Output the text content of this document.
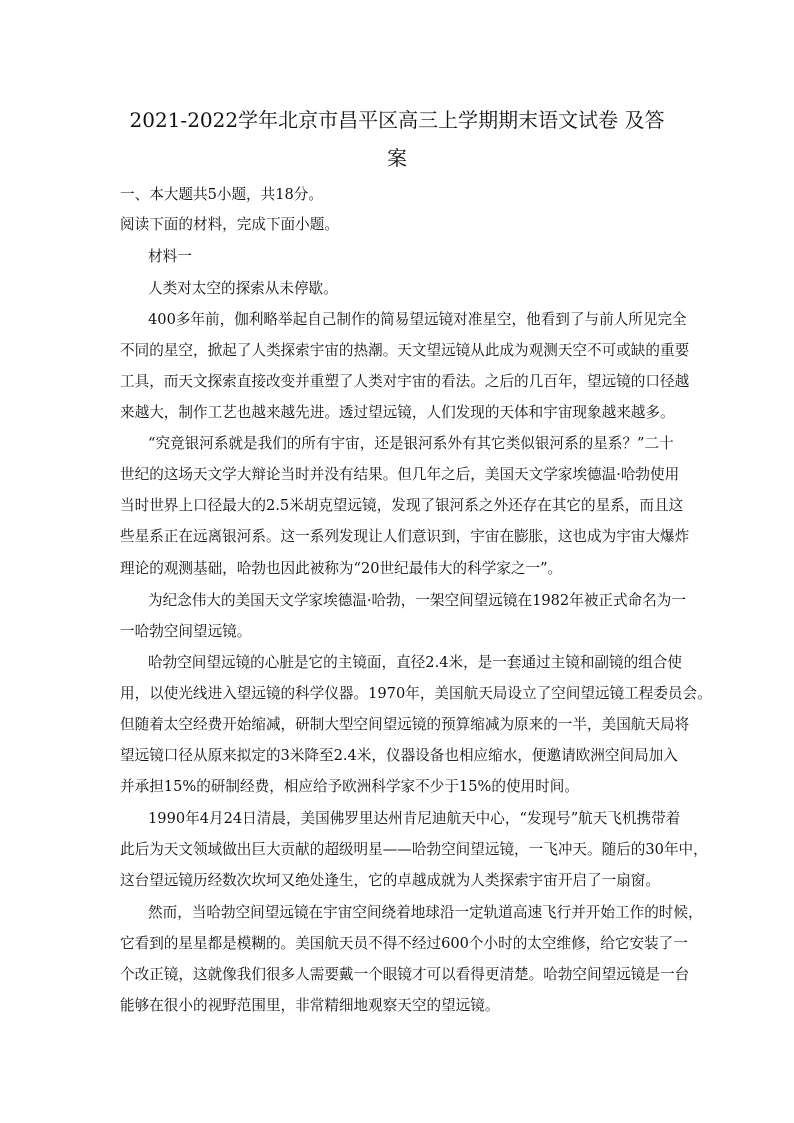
2021-2022学年北京市昌平区高三上学期期末语文试卷 及答
案
一、本大题共5小题，共18分。
阅读下面的材料，完成下面小题。
材料一
人类对太空的探索从未停歇。
400多年前，伽利略举起自己制作的简易望远镜对准星空，他看到了与前人所见完全
不同的星空，掀起了人类探索宇宙的热潮。天文望远镜从此成为观测天空不可或缺的重要
工具，而天文探索直接改变并重塑了人类对宇宙的看法。之后的几百年，望远镜的口径越
来越大，制作工艺也越来越先进。透过望远镜，人们发现的天体和宇宙现象越来越多。
“究竟银河系就是我们的所有宇宙，还是银河系外有其它类似银河系的星系？”二十
世纪的这场天文学大辩论当时并没有结果。但几年之后，美国天文学家埃德温·哈勃使用
当时世界上口径最大的2.5米胡克望远镜，发现了银河系之外还存在其它的星系，而且这
些星系正在远离银河系。这一系列发现让人们意识到，宇宙在膨胀，这也成为宇宙大爆炸
理论的观测基础，哈勃也因此被称为“20世纪最伟大的科学家之一”。
为纪念伟大的美国天文学家埃德温·哈勃，一架空间望远镜在1982年被正式命名为一
一哈勃空间望远镜。
哈勃空间望远镜的心脏是它的主镜面，直径2.4米，是一套通过主镜和副镜的组合使
用，以使光线进入望远镜的科学仪器。1970年，美国航天局设立了空间望远镜工程委员会。
但随着太空经费开始缩减，研制大型空间望远镜的预算缩减为原来的一半，美国航天局将
望远镜口径从原来拟定的3米降至2.4米，仪器设备也相应缩水，便邀请欧洲空间局加入
并承担15%的研制经费，相应给予欧洲科学家不少于15%的使用时间。
1990年4月24日清晨，美国佛罗里达州肯尼迪航天中心，“发现号”航天飞机携带着
此后为天文领域做出巨大贡献的超级明星——哈勃空间望远镜，一飞冲天。随后的30年中，
这台望远镜历经数次坎坷又绝处逢生，它的卓越成就为人类探索宇宙开启了一扇窗。
然而，当哈勃空间望远镜在宇宙空间绕着地球沿一定轨道高速飞行并开始工作的时候，
它看到的星星都是模糊的。美国航天员不得不经过600个小时的太空维修，给它安装了一
个改正镜，这就像我们很多人需要戴一个眼镜才可以看得更清楚。哈勃空间望远镜是一台
能够在很小的视野范围里，非常精细地观察天空的望远镜。
